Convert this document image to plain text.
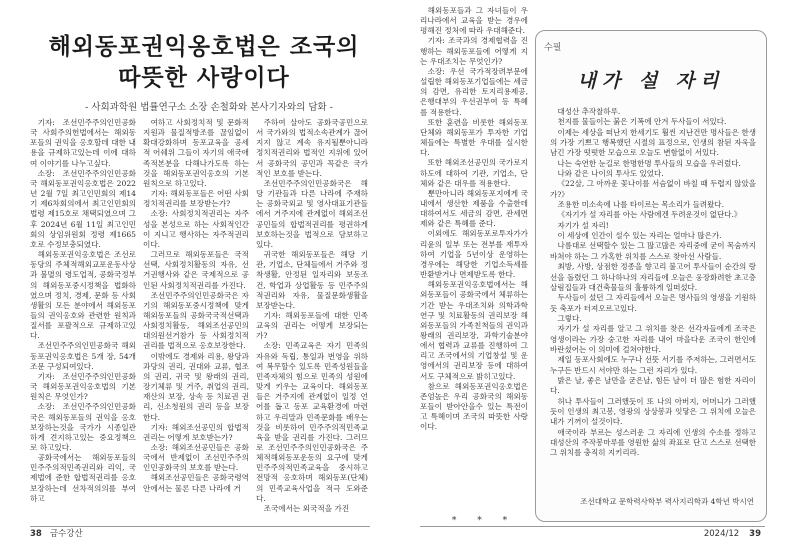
해외동포권익옹호법은 조국의
따뜻한 사랑이다
- 사회과학원 법률연구소 소장 손철화와 본사기자와의 담화 -

기자: 조선민주주의인민공화국 사회주의헌법에서는 해외동포들의 권익을 옹호할데 대한 내용을 규제하고있는데 이에 대하여 이야기를 나누고싶다.

소장: 조선민주주의인민공화국 해외동포권익옹호법은 2022년 2월 7일 최고인민회의 제14기 제6차회의에서 최고인민회의 법령 제15호로 채택되였으며 그후 2024년 6월 11일 최고인민회의 상임위원회 정령 제1665호로 수정보충되였다.

해외동포권익옹호법은 조선로동당의 주체적해외교포운동사상과 불멸의 령도업적, 공화국정부의 해외동포중시정책을 법화하였으며 정치, 경제, 문화 등 사회생활의 모든 분야에서 해외동포들의 권익옹호와 관련한 원칙과 질서를 포괄적으로 규제하고있다.

조선민주주의인민공화국 해외동포권익옹호법은 5개 장, 54개 조문 구성되여있다.

기자: 조선민주주의인민공화국 해외동포권익옹호법의 기본원칙은 무엇인가?

소장: 조선민주주의인민공화국은 해외동포들의 권익을 옹호보장하는것을 국가가 시종일관하게 견지하고있는 중요정책으로 하고있다.

공화국에서는 해외동포들의 민주주의적민족권리와 리익, 국제법에 준한 합법적권리를 옹호보장하는데 선차적의의를 부여하고

여하고 사회정치적 및 문화적지원과 물질적방조를 끊임없이 확대강화하며 동포교육을 공세적 어쉐위 그들이 자기의 애국애족적본분을 다해나가도록 하는것을 해외동포권익옹호의 기본원칙으로 하고있다.

기자: 해외동포들은 어떤 사회정치적권리를 보장받는가?

소장: 사회정치적권리는 자주성을 본성으로 하는 사회적인간이 지니고 행사하는 자주적권리이다.

그러므로 해외동포들은 국적선택, 사회정치활동의 자유, 선거권행사와 같은 국제적으로 공인된 사회정치적권리를 가진다.

조선민주주의인민공화국은 자기의 해외동포중시정책에 맞게 해외동포들의 공화국국적선택과 사회정치활동, 해외조선공민의 대의원선거참가 등 사회정치적권리를 법적으로 옹호보장한다.

이밖에도 경제와 리용, 왕당과 과당의 권리, 권대와 교류, 협조의 권리, 귀국 및 왕래의 권리, 장기체류 및 거주, 취업의 권리, 재산의 보장, 상속 등 치료권 권리, 신소청원의 권리 등을 보장한다.

기자: 해외조선공민의 합법적권리는 어떻게 보호받는가?

소장: 해외조선공민들은 공화국에서 반제없이 조선민주주의인민공화국의 보호를 받는다.

해외조선공민들은 공화국령역안에서는 물론 다른 나라에 거

주하여 살아도 공화국공민으로서 국가와의 법적소속관계가 끊어지지 않고 계속 유지될뿐아니라 정치적권리와 법적인 지위에 있어서 공화국의 공민과 꼭같은 국가적인 보호를 받는다.

조선민주주의인민공화국은 해당 기관들과 다른 나라에 주재하는 공화국외교 및 영사대표기관들에서 거주지에 관계없이 해외조선공민들의 합법적권리를 평권하게 보호하는것을 법적으로 담보하고있다.

귀국한 해외동포들은 해당 기관, 기업소, 단체들에서 거주와 정착생활, 안정된 일자리와 보동조건, 학업과 상업활동 등 민주주의적권리와 자유, 물질문화생활을 보장받는다.

기자: 해외동포들에 대한 민족교육의 권리는 어떻게 보장되는가?

소장: 민족교육은 자기 민족의 자유와 독립, 통일과 번영을 위하여 복무할수 있도록 민족성원들을 민족자체의 힘으로 민족의 성원에 맞게 키우는 교육이다. 해외동포들은 거주지에 관계없이 일정 언어를 돕고 동포 교육환경에 마련하고 우리말과 민족문화를 배우는것을 비롯하여 민주주의적민족교육을 받을 권리를 가진다. 그러므로 조선민주주의인민공화국은 주체적해외동포운동의 요구에 맞게 민주주의적민족교육을 중시하고 전망적 옹호하며 해외동포(단체)의 민족교육사업을 적극 도와준다.

조국에서는 외국적을 가진

38 금수강산

해외동포들과 그 자녀들이 우리나라에서 교육을 받는 경우에 평해진 정처에 따라 우대해준다.

기자: 조국과의 경제협력을 진행하는 해외동포들에 어떻게 지는 우대조치는 무엇인가?

소장: 우선 국가적장려부문에 설립한 해외동포기업들에는 세금의 감면, 유리한 토지리용제공, 은행대부의 우선권부여 등 특혜를 적용한다.

또한 훈련을 비롯한 해외동포단체와 해외동포가 투자한 기업체들에는 특별한 우대를 실시한다.

또한 해외조선공민의 국가로지하도에 대하여 기관, 기업소, 단체와 같은 대우를 적용한다.

뿐만아니라 해외동포지에게 국내에서 생산한 제품을 수출한데 대하여서도 세금의 감면, 관세면제와 같은 특혜를 준다.

이외에도 해외동포로투자가가 리윤의 일부 또는 전부를 재투자하여 기업을 5년이상 운영하는 경우에는 해당한 기업소득세를 반환받거나 면제받도록 한다.

해외동포권익옹호법에서는 해외동포들이 공화국에서 체류하는 기간 받는 우대조치와 의학과학연구 및 치료활동의 권리보장 해외동포들의 가족친척들의 권익과 왕래의 권리보장, 과학기술분야에서 협력과 교류를 진행하여 그리고 조국에서의 기업창설 및 운영에서의 권리보장 등에 대하여서도 구체적으로 밝히고있다.

참으로 해외동포권익옹호법은 존엄높은 우리 공화국의 해외동포들이 받아안을수 있는 특전이고 특혜이며 조국의 따뜻한 사랑이다.

* * *
수필
내가 설 자리

대성산 추작찰하루.

천지를 물들이는 붉은 기폭에 안겨 두사들이 서있다.

이제는 세상을 떠난지 한세기도 훨씬 지난건만 명사들은 한생의 가장 기쁘고 행복했던 시절의 표정으로, 인생의 참된 자욱을 남긴 가장 떳떳한 모습으로 오늘도 변함없이 서있다.

나는 숙연한 눈길로 한명한명 투사들의 모습을 우러렀다.

나와 같은 나이의 투사도 있었다.

《22살, 그 아까운 꽃나이를 서슴없이 바칠 때 두렵지 않았을가?》

조용한 미소속에 나를 타이르는 목소리가 들려왔다.

《자기가 설 자리를 아는 사람에겐 두려운것이 없단다.》

자기가 설 자리!

이 세상에 인간이 설수 있는 자리는 얼마나 많은가.

나름대로 선택할수 있는 그 많고많은 자리중에 굳이 목숨까지 바쳐야 하는 그 가혹한 위치를 스스로 찾아선 사람들.

최방, 사방, 상점한 정종을 향고리 불고어 투사들이 순간의 랑선을 돌렸던 그 하나하나의 자리들에 오늘은 웅장화려한 초고층살림집들과 대건축물들의 훌륭하게 일떠섰다.

두사들이 섰던 그 자리들에서 오늘은 명사들의 영생을 기원하듯 축포가 터져오르고있다.

그렇다.

자기가 설 자리를 알고 그 위치를 찾은 선각자들에게 조국은 영생이라는 가장 숭고한 자리를 내어 마을다운 조국이 한인에 바란셨어는 이 의미에 걸쳐야한다.

제일 동포사회에도 누구나 선뜻 서기를 주저하는, 그러면서도 누구든 반드시 서야만 하는 그런 자리가 있다.

밝은 날, 좋은 날만을 굳은날, 힘든 날이 더 많은 험한 자리이다.

허나 투사들이 그러했듯이 또 나의 아버지, 어머니가 그러했듯이 인생의 최고봉, 영광의 상상봉과 잇닿은 그 위치에 오늘은 내가 기꺼이 설것이다.

애국이라 부르는 성스러운 그 자리에 인생의 수소를 정하고 대성산의 주작봉마루를 영원한 삶의 좌표로 단고 스스로 선택한 그 위치를 충직히 지키리라.

조선대학교 문학력사학부 력사지리학과 4학년 박시연
2024/12 39
